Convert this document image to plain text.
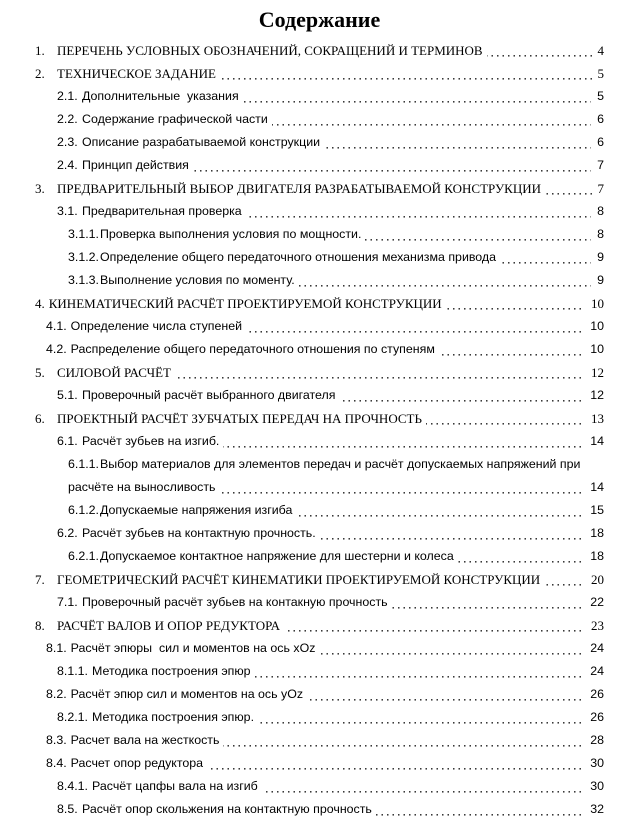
Содержание
1. ПЕРЕЧЕНЬ УСЛОВНЫХ ОБОЗНАЧЕНИЙ, СОКРАЩЕНИЙ И ТЕРМИНОВ	4
2. ТЕХНИЧЕСКОЕ ЗАДАНИЕ	5
2.1. Дополнительные  указания	5
2.2. Содержание графической части	6
2.3. Описание разрабатываемой конструкции	6
2.4. Принцип действия	7
3. ПРЕДВАРИТЕЛЬНЫЙ ВЫБОР ДВИГАТЕЛЯ РАЗРАБАТЫВАЕМОЙ КОНСТРУКЦИИ	7
3.1. Предварительная проверка	8
3.1.1.Проверка выполнения условия по мощности.	8
3.1.2.Определение общего передаточного отношения механизма привода	9
3.1.3.Выполнение условия по моменту.	9
4. КИНЕМАТИЧЕСКИЙ РАСЧЁТ ПРОЕКТИРУЕМОЙ КОНСТРУКЦИИ	10
4.1. Определение числа ступеней	10
4.2. Распределение общего передаточного отношения по ступеням	10
5. СИЛОВОЙ РАСЧЁТ	12
5.1. Проверочный расчёт выбранного двигателя	12
6. ПРОЕКТНЫЙ РАСЧЁТ ЗУБЧАТЫХ ПЕРЕДАЧ НА ПРОЧНОСТЬ	13
6.1. Расчёт зубьев на изгиб.	14
6.1.1.Выбор материалов для элементов передач и расчёт допускаемых напряжений при расчёте на выносливость	14
6.1.2.Допускаемые напряжения изгиба	15
6.2. Расчёт зубьев на контактную прочность.	18
6.2.1.Допускаемое контактное напряжение для шестерни и колеса	18
7. ГЕОМЕТРИЧЕСКИЙ РАСЧЁТ КИНЕМАТИКИ ПРОЕКТИРУЕМОЙ КОНСТРУКЦИИ	20
7.1. Проверочный расчёт зубьев на контакную прочность	22
8. РАСЧЁТ ВАЛОВ И ОПОР РЕДУКТОРА	23
8.1. Расчёт эпюры  сил и моментов на ось xOz	24
8.1.1. Методика построения эпюр	24
8.2. Расчёт эпюр сил и моментов на ось yOz	26
8.2.1. Методика построения эпюр.	26
8.3. Расчет вала на жесткость	28
8.4. Расчет опор редуктора	30
8.4.1. Расчёт цапфы вала на изгиб	30
8.5. Расчёт опор скольжения на контактную прочность	32
